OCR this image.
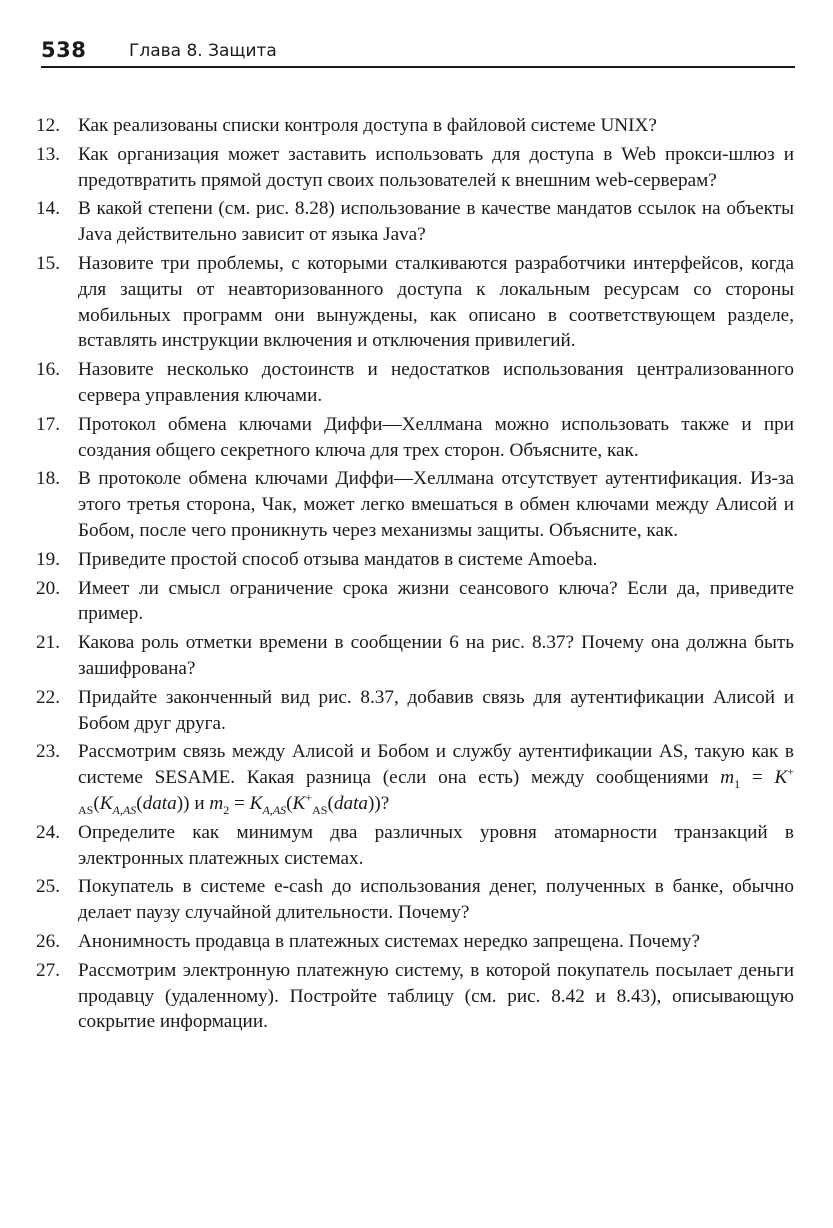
538	Глава 8. Защита
12. Как реализованы списки контроля доступа в файловой системе UNIX?
13. Как организация может заставить использовать для доступа в Web прокси-шлюз и предотвратить прямой доступ своих пользователей к внешним web-серверам?
14. В какой степени (см. рис. 8.28) использование в качестве мандатов ссылок на объекты Java действительно зависит от языка Java?
15. Назовите три проблемы, с которыми сталкиваются разработчики интерфейсов, когда для защиты от неавторизованного доступа к локальным ресурсам со стороны мобильных программ они вынуждены, как описано в соответствующем разделе, вставлять инструкции включения и отключения привилегий.
16. Назовите несколько достоинств и недостатков использования централизованного сервера управления ключами.
17. Протокол обмена ключами Диффи—Хеллмана можно использовать также и при создания общего секретного ключа для трех сторон. Объясните, как.
18. В протоколе обмена ключами Диффи—Хеллмана отсутствует аутентификация. Из-за этого третья сторона, Чак, может легко вмешаться в обмен ключами между Алисой и Бобом, после чего проникнуть через механизмы защиты. Объясните, как.
19. Приведите простой способ отзыва мандатов в системе Amoeba.
20. Имеет ли смысл ограничение срока жизни сеансового ключа? Если да, приведите пример.
21. Какова роль отметки времени в сообщении 6 на рис. 8.37? Почему она должна быть зашифрована?
22. Придайте законченный вид рис. 8.37, добавив связь для аутентификации Алисой и Бобом друг друга.
23. Рассмотрим связь между Алисой и Бобом и службу аутентификации AS, такую как в системе SESAME. Какая разница (если она есть) между сообщениями $m_1$ = $K^+_{AS}(K_{A,AS}(data))$ и $m_2$ = $K_{A,AS}(K^+_{AS}(data))$?
24. Определите как минимум два различных уровня атомарности транзакций в электронных платежных системах.
25. Покупатель в системе e-cash до использования денег, полученных в банке, обычно делает паузу случайной длительности. Почему?
26. Анонимность продавца в платежных системах нередко запрещена. Почему?
27. Рассмотрим электронную платежную систему, в которой покупатель посылает деньги продавцу (удаленному). Постройте таблицу (см. рис. 8.42 и 8.43), описывающую сокрытие информации.
